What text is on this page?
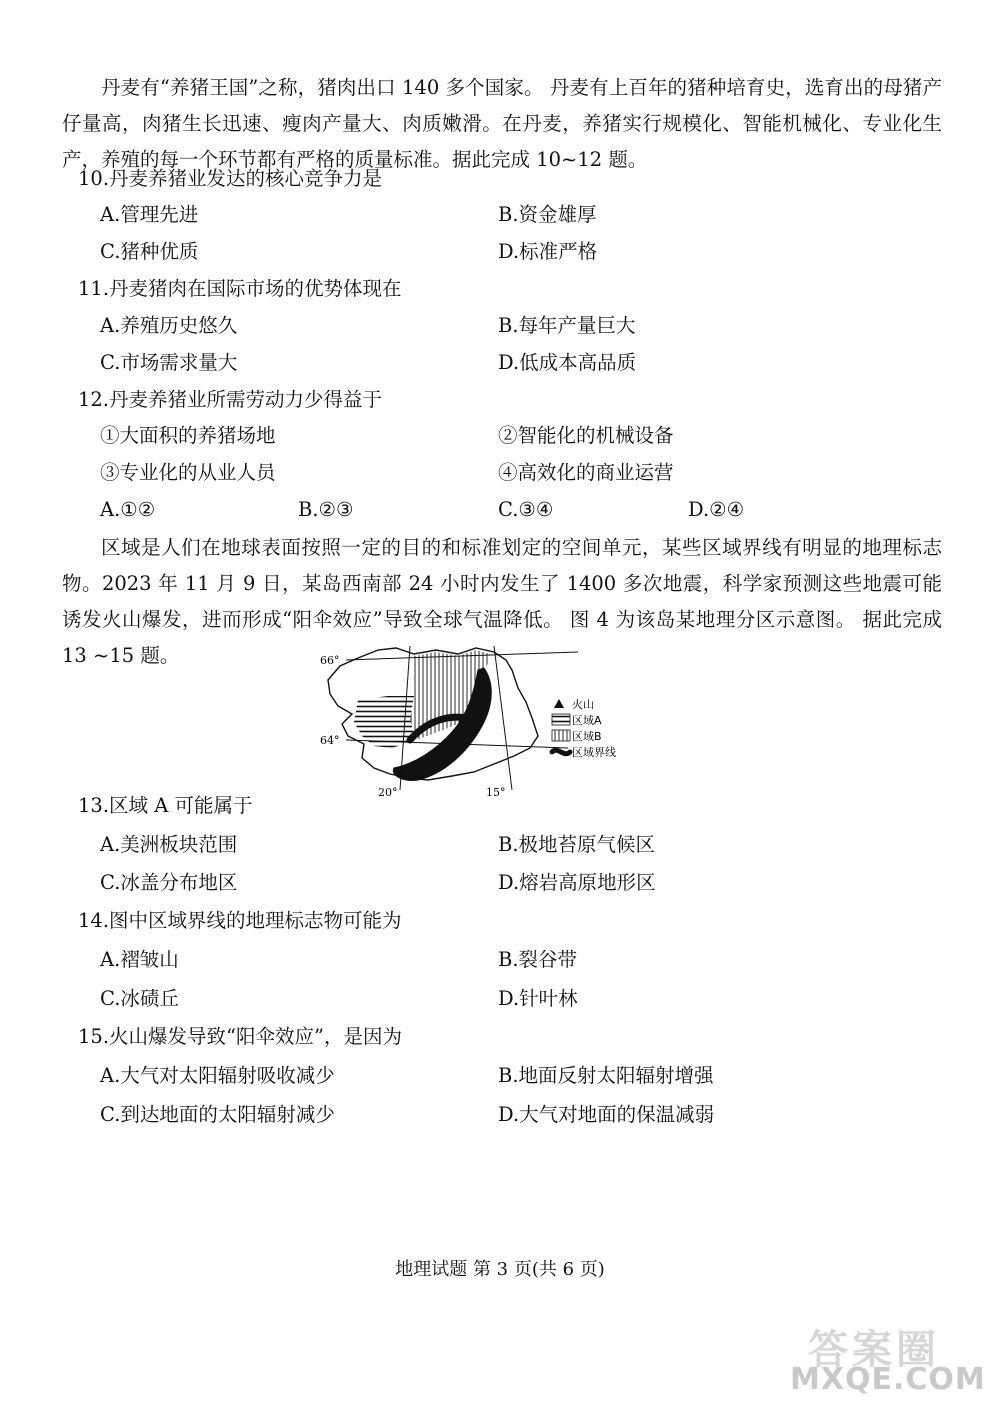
丹麦有“养猪王国”之称，猪肉出口 140 多个国家。 丹麦有上百年的猪种培育史，选育出的母猪产仔量高，肉猪生长迅速、瘦肉产量大、肉质嫩滑。在丹麦，养猪实行规模化、智能机械化、专业化生产，养殖的每一个环节都有严格的质量标准。据此完成 10~12 题。

10.丹麦养猪业发达的核心竞争力是
A.管理先进	B.资金雄厚
C.猪种优质	D.标准严格
11.丹麦猪肉在国际市场的优势体现在
A.养殖历史悠久	B.每年产量巨大
C.市场需求量大	D.低成本高品质
12.丹麦养猪业所需劳动力少得益于
①大面积的养猪场地	②智能化的机械设备
③专业化的从业人员	④高效化的商业运营
A.①②	B.②③	C.③④	D.②④

区域是人们在地球表面按照一定的目的和标准划定的空间单元，某些区域界线有明显的地理标志物。2023 年 11 月 9 日，某岛西南部 24 小时内发生了 1400 多次地震，科学家预测这些地震可能诱发火山爆发，进而形成“阳伞效应”导致全球气温降低。 图 4 为该岛某地理分区示意图。 据此完成 13 ~15 题。	66°
64°
20°	15°
火山
区域A
区域B
区域界线
13.区域 A 可能属于
A.美洲板块范围	B.极地苔原气候区
C.冰盖分布地区	D.熔岩高原地形区
14.图中区域界线的地理标志物可能为
A.褶皱山	B.裂谷带
C.冰碛丘	D.针叶林
15.火山爆发导致“阳伞效应”，是因为
A.大气对太阳辐射吸收减少	B.地面反射太阳辐射增强
C.到达地面的太阳辐射减少	D.大气对地面的保温减弱
地理试题 第 3 页(共 6 页)
答案圈
MXQE.COM
